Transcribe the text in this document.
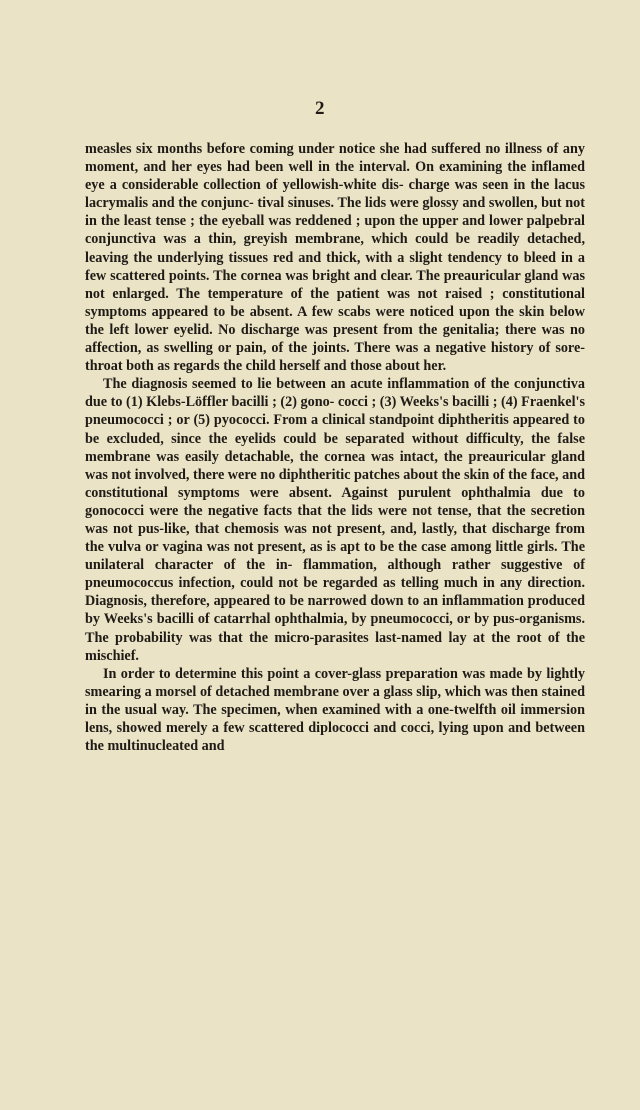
2

measles six months before coming under notice she had suffered no illness of any moment, and her eyes had been well in the interval. On examining the inflamed eye a considerable collection of yellowish-white dis- charge was seen in the lacus lacrymalis and the conjunc- tival sinuses. The lids were glossy and swollen, but not in the least tense ; the eyeball was reddened ; upon the upper and lower palpebral conjunctiva was a thin, greyish membrane, which could be readily detached, leaving the underlying tissues red and thick, with a slight tendency to bleed in a few scattered points. The cornea was bright and clear. The preauricular gland was not enlarged. The temperature of the patient was not raised ; constitutional symptoms appeared to be absent. A few scabs were noticed upon the skin below the left lower eyelid. No discharge was present from the genitalia; there was no affection, as swelling or pain, of the joints. There was a negative history of sore- throat both as regards the child herself and those about her.

The diagnosis seemed to lie between an acute inflammation of the conjunctiva due to (1) Klebs-Löffler bacilli ; (2) gono- cocci ; (3) Weeks's bacilli ; (4) Fraenkel's pneumococci ; or (5) pyococci. From a clinical standpoint diphtheritis appeared to be excluded, since the eyelids could be separated without difficulty, the false membrane was easily detachable, the cornea was intact, the preauricular gland was not involved, there were no diphtheritic patches about the skin of the face, and constitutional symptoms were absent. Against purulent ophthalmia due to gonococci were the negative facts that the lids were not tense, that the secretion was not pus-like, that chemosis was not present, and, lastly, that discharge from the vulva or vagina was not present, as is apt to be the case among little girls. The unilateral character of the in- flammation, although rather suggestive of pneumococcus infection, could not be regarded as telling much in any direction. Diagnosis, therefore, appeared to be narrowed down to an inflammation produced by Weeks's bacilli of catarrhal ophthalmia, by pneumococci, or by pus-organisms. The probability was that the micro-parasites last-named lay at the root of the mischief.

In order to determine this point a cover-glass preparation was made by lightly smearing a morsel of detached membrane over a glass slip, which was then stained in the usual way. The specimen, when examined with a one-twelfth oil immersion lens, showed merely a few scattered diplococci and cocci, lying upon and between the multinucleated and
